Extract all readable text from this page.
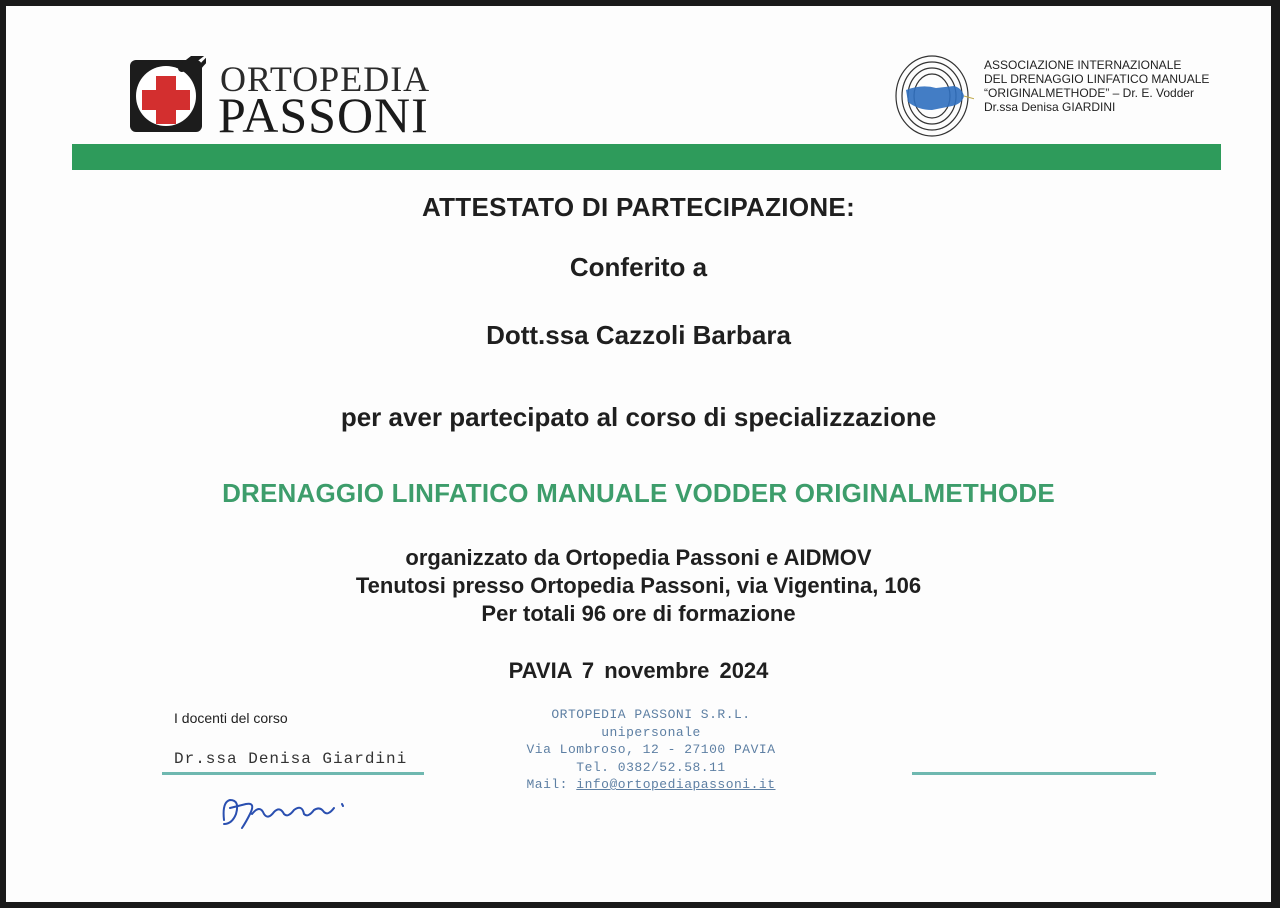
ORTOPEDIA
PASSONI
ASSOCIAZIONE INTERNAZIONALE
DEL DRENAGGIO LINFATICO MANUALE
“ORIGINALMETHODE” – Dr. E. Vodder
Dr.ssa Denisa GIARDINI
ATTESTATO DI PARTECIPAZIONE:
Conferito a
Dott.ssa Cazzoli Barbara
per aver partecipato al corso di specializzazione
DRENAGGIO LINFATICO MANUALE VODDER ORIGINALMETHODE
organizzato da Ortopedia Passoni e AIDMOV
Tenutosi presso Ortopedia Passoni, via Vigentina, 106
Per totali 96 ore di formazione
PAVIA 7 novembre 2024
I docenti del corso
Dr.ssa Denisa Giardini
ORTOPEDIA PASSONI S.R.L.
unipersonale
Via Lombroso, 12 - 27100 PAVIA
Tel. 0382/52.58.11
Mail: info@ortopediapassoni.it
